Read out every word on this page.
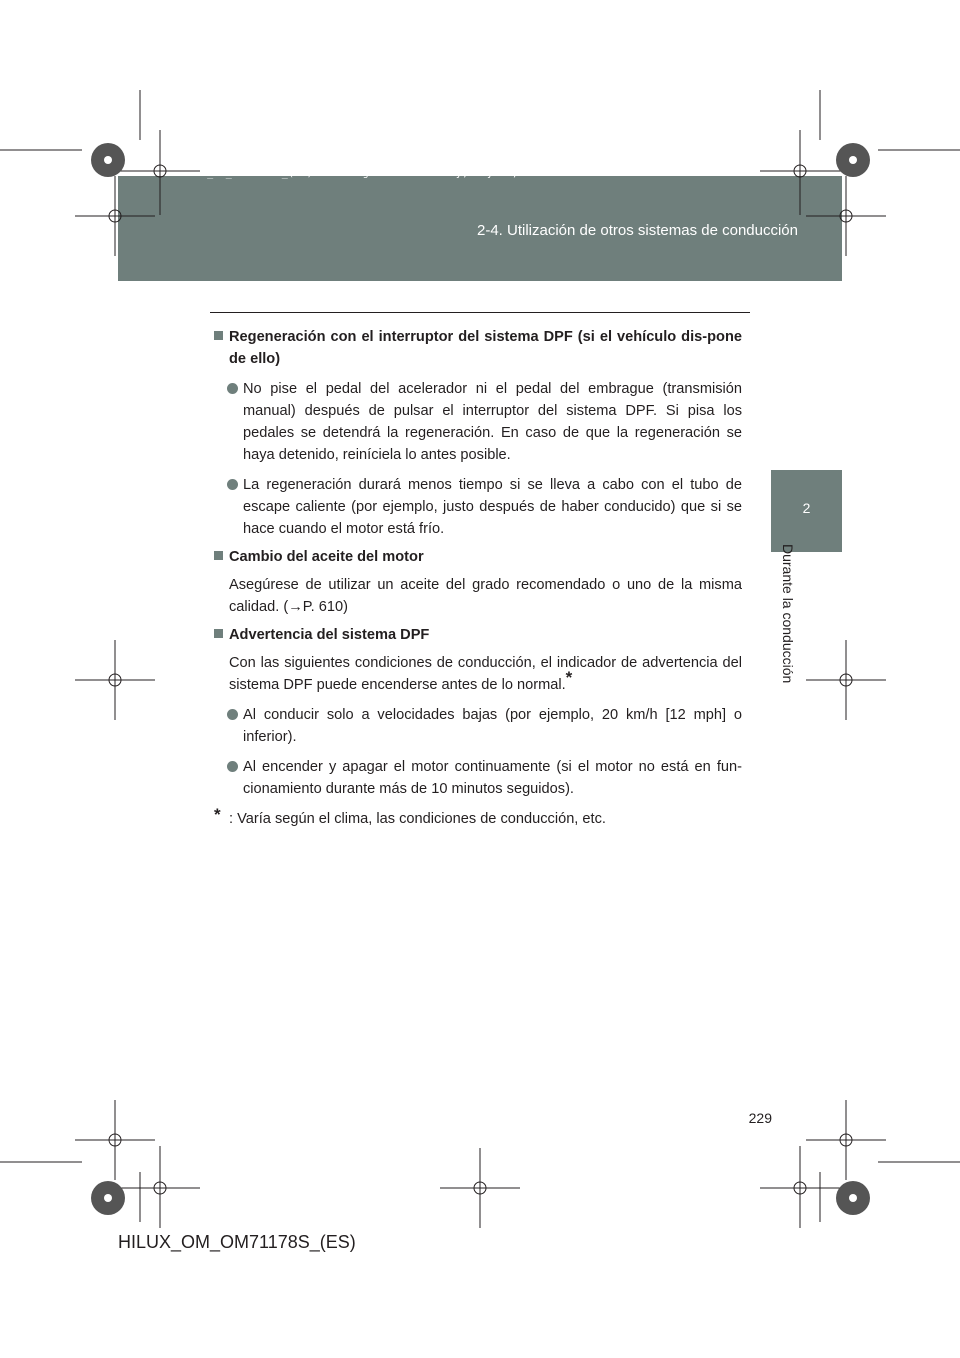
2-4. Utilización de otros sistemas de conducción
HILUX_OM_OM71178S_(ES).book Page 229 Wednesday, May 16, 2012 3:09 PM
2
Durante la conducción
Regeneración con el interruptor del sistema DPF (si el vehículo dis-pone de ello)
No pise el pedal del acelerador ni el pedal del embrague (transmisión manual) después de pulsar el interruptor del sistema DPF. Si pisa los pedales se detendrá la regeneración. En caso de que la regeneración se haya detenido, reiníciela lo antes posible.
La regeneración durará menos tiempo si se lleva a cabo con el tubo de escape caliente (por ejemplo, justo después de haber conducido) que si se hace cuando el motor está frío.
Cambio del aceite del motor
Asegúrese de utilizar un aceite del grado recomendado o uno de la misma calidad. (→P. 610)
Advertencia del sistema DPF
Con las siguientes condiciones de conducción, el indicador de advertencia del sistema DPF puede encenderse antes de lo normal.*
Al conducir solo a velocidades bajas (por ejemplo, 20 km/h [12 mph] o inferior).
Al encender y apagar el motor continuamente (si el motor no está en fun-cionamiento durante más de 10 minutos seguidos).
* : Varía según el clima, las condiciones de conducción, etc.
229
HILUX_OM_OM71178S_(ES)
